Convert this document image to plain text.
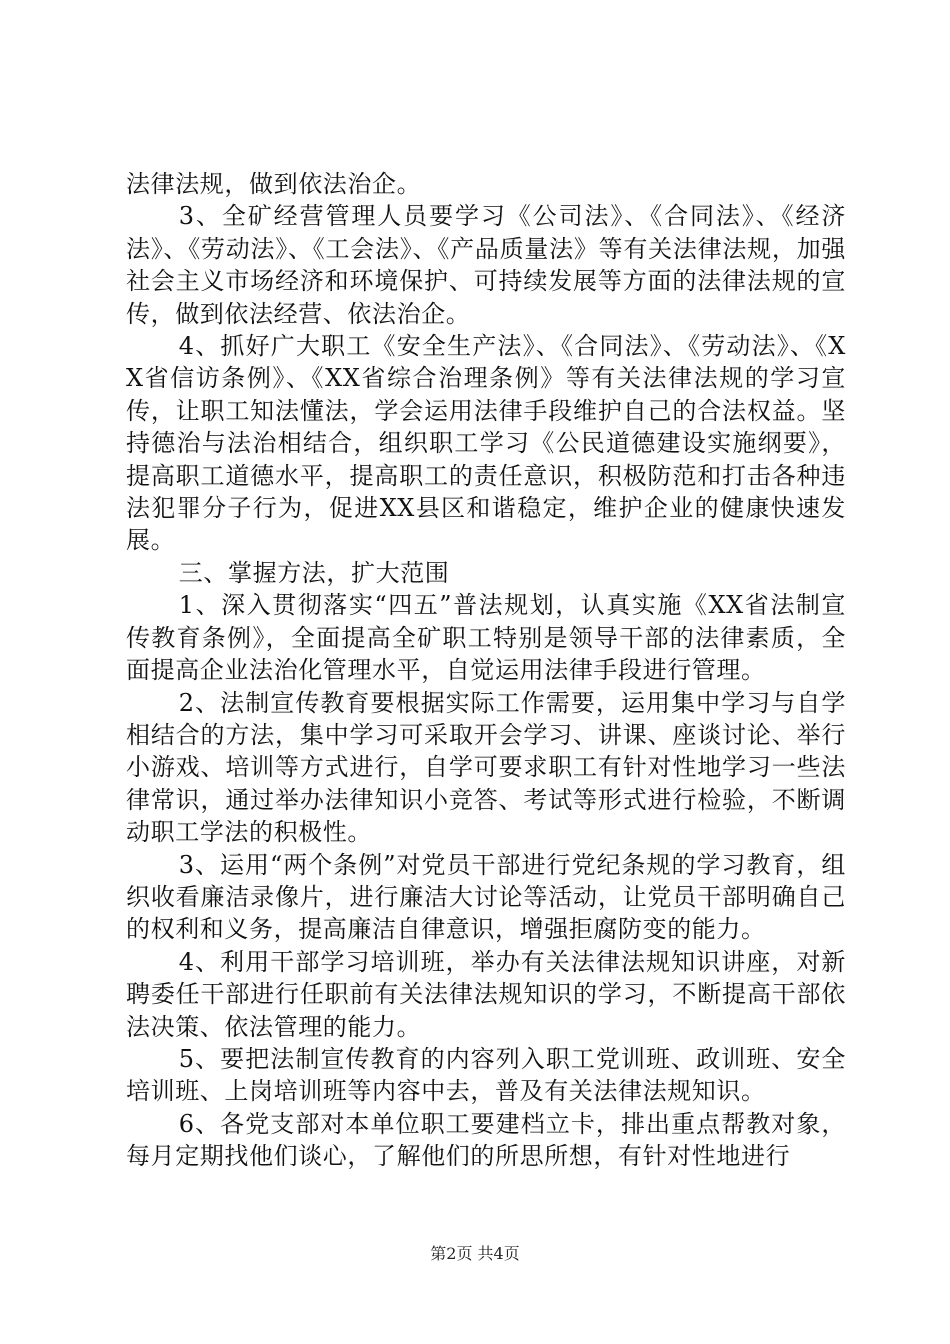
法律法规，做到依法治企。

3、全矿经营管理人员要学习《公司法》、《合同法》、《经济法》、《劳动法》、《工会法》、《产品质量法》等有关法律法规，加强社会主义市场经济和环境保护、可持续发展等方面的法律法规的宣传，做到依法经营、依法治企。

4、抓好广大职工《安全生产法》、《合同法》、《劳动法》、《XX省信访条例》、《XX省综合治理条例》等有关法律法规的学习宣传，让职工知法懂法，学会运用法律手段维护自己的合法权益。坚持德治与法治相结合，组织职工学习《公民道德建设实施纲要》，提高职工道德水平，提高职工的责任意识，积极防范和打击各种违法犯罪分子行为，促进XX县区和谐稳定，维护企业的健康快速发展。

三、掌握方法，扩大范围

1、深入贯彻落实“四五”普法规划，认真实施《XX省法制宣传教育条例》，全面提高全矿职工特别是领导干部的法律素质，全面提高企业法治化管理水平，自觉运用法律手段进行管理。

2、法制宣传教育要根据实际工作需要，运用集中学习与自学相结合的方法，集中学习可采取开会学习、讲课、座谈讨论、举行小游戏、培训等方式进行，自学可要求职工有针对性地学习一些法律常识，通过举办法律知识小竞答、考试等形式进行检验，不断调动职工学法的积极性。

3、运用“两个条例”对党员干部进行党纪条规的学习教育，组织收看廉洁录像片，进行廉洁大讨论等活动，让党员干部明确自己的权利和义务，提高廉洁自律意识，增强拒腐防变的能力。

4、利用干部学习培训班，举办有关法律法规知识讲座，对新聘委任干部进行任职前有关法律法规知识的学习，不断提高干部依法决策、依法管理的能力。

5、要把法制宣传教育的内容列入职工党训班、政训班、安全培训班、上岗培训班等内容中去，普及有关法律法规知识。

6、各党支部对本单位职工要建档立卡，排出重点帮教对象，每月定期找他们谈心，了解他们的所思所想，有针对性地进行

第2页 共4页
